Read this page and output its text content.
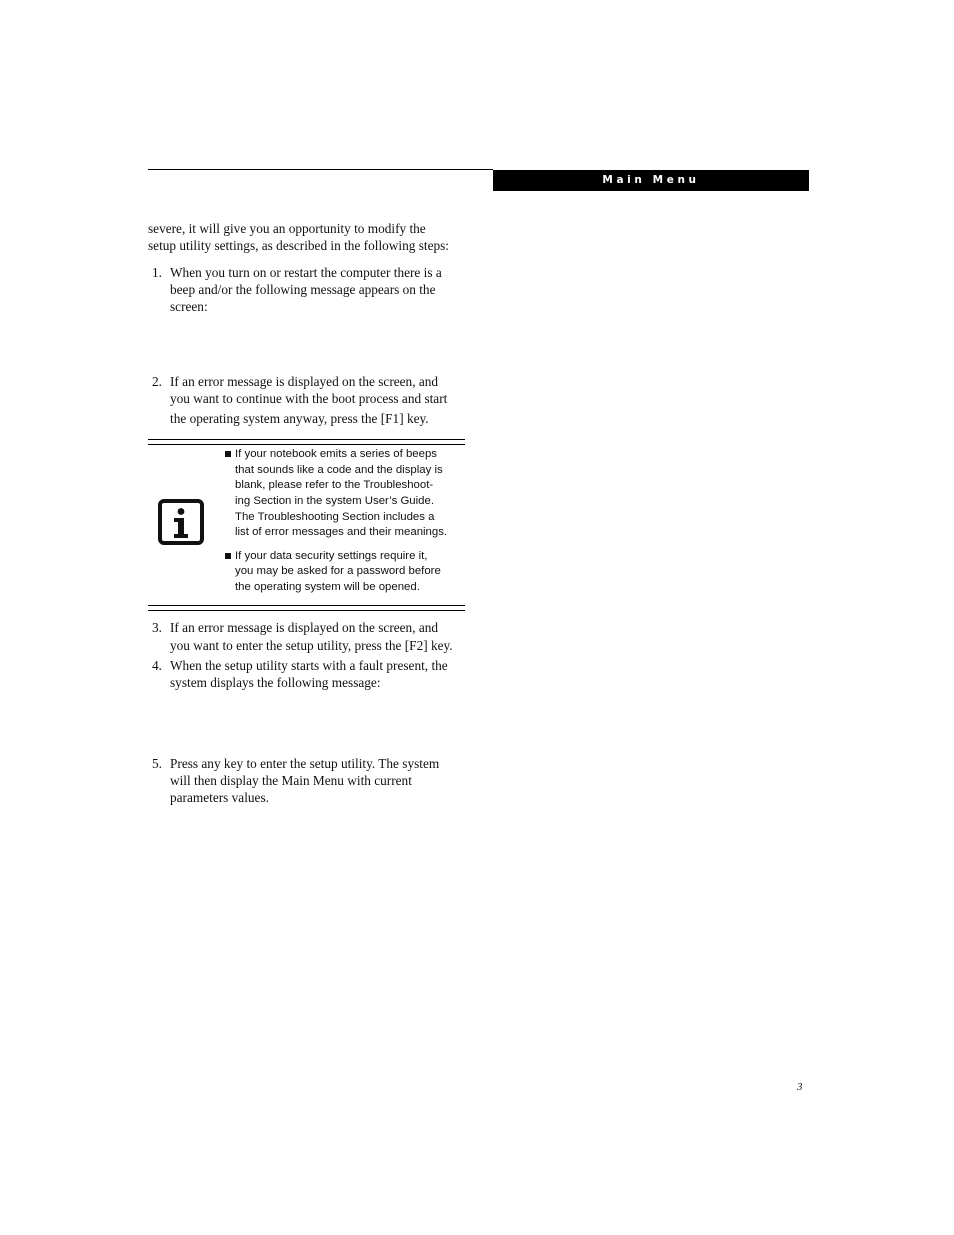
Main Menu

severe, it will give you an opportunity to modify the

setup utility settings, as described in the following steps:

1. When you turn on or restart the computer there is a

beep and/or the following message appears on the

screen:

2. If an error message is displayed on the screen, and

you want to continue with the boot process and start

the operating system anyway, press the [F1] key.

If your notebook emits a series of beeps

that sounds like a code and the display is

blank, please refer to the Troubleshoot-

ing Section in the system User’s Guide.

The Troubleshooting Section includes a

list of error messages and their meanings.

If your data security settings require it,

you may be asked for a password before

the operating system will be opened.

3. If an error message is displayed on the screen, and

you want to enter the setup utility, press the [F2] key.

4. When the setup utility starts with a fault present, the

system displays the following message:

5. Press any key to enter the setup utility. The system

will then display the Main Menu with current

parameters values.

3
